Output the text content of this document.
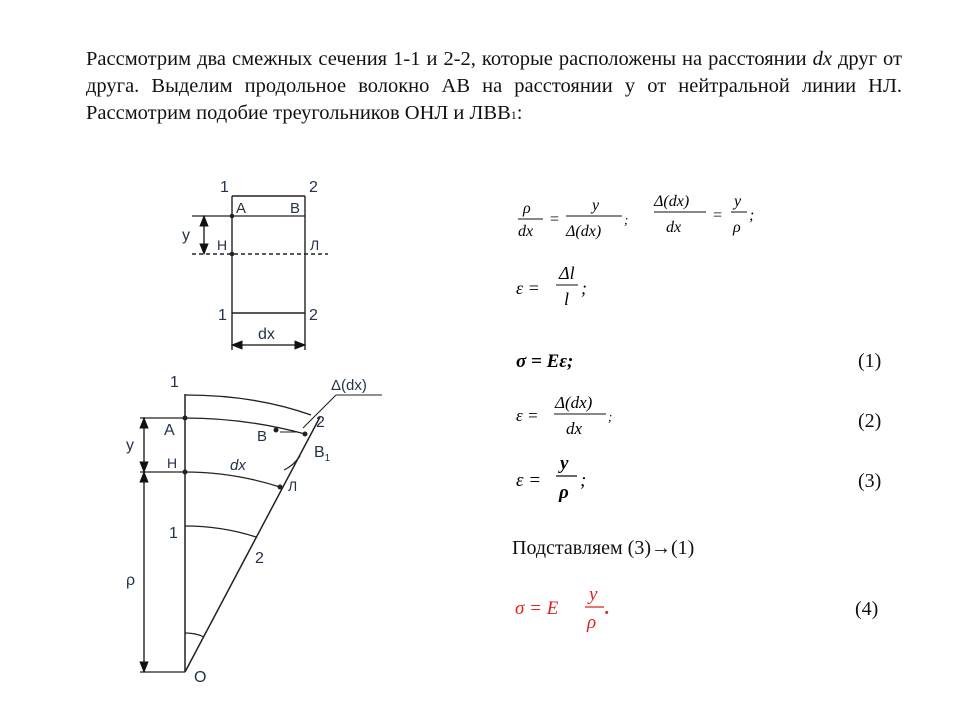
Рассмотрим два смежных сечения 1-1 и 2-2, которые расположены на расстоянии dx друг от друга. Выделим продольное волокно АВ на расстоянии y от нейтральной линии НЛ. Рассмотрим подобие треугольников ОНЛ и ЛВВ1:
1	2
А	В
y
Н	Л
1	2
dx
1	Δ(dx)
2
А	В
$B_1$
y
Н	dx
Л
1
2
ρ
O
ρ
dx
=
y
Δ(dx)
;
Δ(dx)
dx
=
y
ρ
;
ε =
Δl
l
;
σ = Eε;
ε =
Δ(dx)
dx
;
ε =
y
ρ
;
σ = E
y
ρ
.
(1)
(2)
(3)
Подставляем (3)→(1)
(4)
